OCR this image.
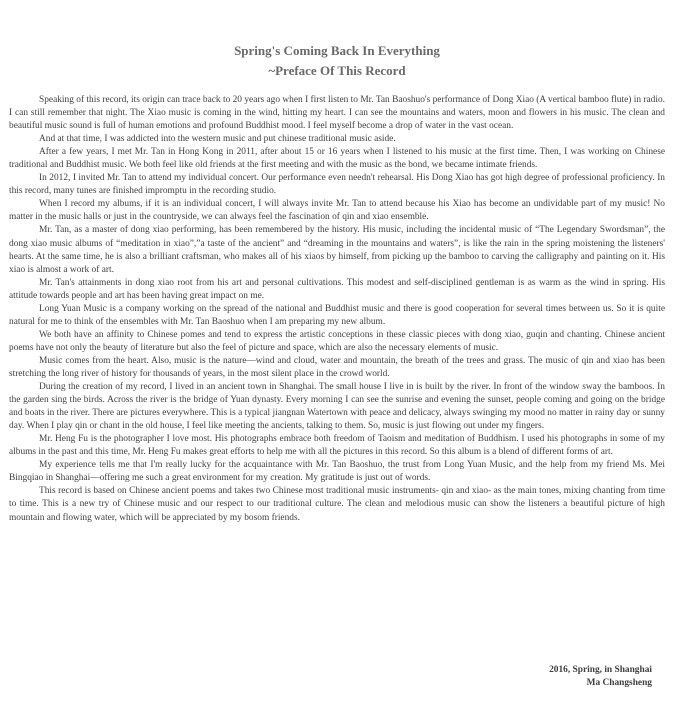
Spring's Coming Back In Everything
~Preface Of This Record

Speaking of this record, its origin can trace back to 20 years ago when I first listen to Mr. Tan Baoshuo's performance of Dong Xiao (A vertical bamboo flute) in radio. I can still remember that night. The Xiao music is coming in the wind, hitting my heart. I can see the mountains and waters, moon and flowers in his music. The clean and beautiful music sound is full of human emotions and profound Buddhist mood. I feel myself become a drop of water in the vast ocean.

And at that time, I was addicted into the western music and put chinese traditional music aside.

After a few years, I met Mr. Tan in Hong Kong in 2011, after about 15 or 16 years when I listened to his music at the first time. Then, I was working on Chinese traditional and Buddhist music. We both feel like old friends at the first meeting and with the music as the bond, we became intimate friends.

In 2012, I invited Mr. Tan to attend my individual concert. Our performance even needn't rehearsal. His Dong Xiao has got high degree of professional proficiency. In this record, many tunes are finished impromptu in the recording studio.

When I record my albums, if it is an individual concert, I will always invite Mr. Tan to attend because his Xiao has become an undividable part of my music! No matter in the music halls or just in the countryside, we can always feel the fascination of qin and xiao ensemble.

Mr. Tan, as a master of dong xiao performing, has been remembered by the history. His music, including the incidental music of “The Legendary Swordsman”, the dong xiao music albums of “meditation in xiao”,”a taste of the ancient” and “dreaming in the mountains and waters”, is like the rain in the spring moistening the listeners' hearts. At the same time, he is also a brilliant craftsman, who makes all of his xiaos by himself, from picking up the bamboo to carving the calligraphy and painting on it. His xiao is almost a work of art.

Mr. Tan's attainments in dong xiao root from his art and personal cultivations. This modest and self-disciplined gentleman is as warm as the wind in spring. His attitude towards people and art has been having great impact on me.

Long Yuan Music is a company working on the spread of the national and Buddhist music and there is good cooperation for several times between us. So it is quite natural for me to think of the ensembles with Mr. Tan Baoshuo when I am preparing my new album.

We both have an affinity to Chinese pomes and tend to express the artistic conceptions in these classic pieces with dong xiao, guqin and chanting. Chinese ancient poems have not only the beauty of literature but also the feel of picture and space, which are also the necessary elements of music.

Music comes from the heart. Also, music is the nature—wind and cloud, water and mountain, the breath of the trees and grass. The music of qin and xiao has been stretching the long river of history for thousands of years, in the most silent place in the crowd world.

During the creation of my record, I lived in an ancient town in Shanghai. The small house I live in is built by the river. In front of the window sway the bamboos. In the garden sing the birds. Across the river is the bridge of Yuan dynasty. Every morning I can see the sunrise and evening the sunset, people coming and going on the bridge and boats in the river. There are pictures everywhere. This is a typical jiangnan Watertown with peace and delicacy, always swinging my mood no matter in rainy day or sunny day. When I play qin or chant in the old house, I feel like meeting the ancients, talking to them. So, music is just flowing out under my fingers.

Mr. Heng Fu is the photographer I love most. His photographs embrace both freedom of Taoism and meditation of Buddhism. I used his photographs in some of my albums in the past and this time, Mr. Heng Fu makes great efforts to help me with all the pictures in this record. So this album is a blend of different forms of art.

My experience tells me that I'm really lucky for the acquaintance with Mr. Tan Baoshuo, the trust from Long Yuan Music, and the help from my friend Ms. Mei Bingqiao in Shanghai—offering me such a great environment for my creation. My gratitude is just out of words.

This record is based on Chinese ancient poems and takes two Chinese most traditional music instruments- qin and xiao- as the main tones, mixing chanting from time to time. This is a new try of Chinese music and our respect to our traditional culture. The clean and melodious music can show the listeners a beautiful picture of high mountain and flowing water, which will be appreciated by my bosom friends.

2016, Spring, in Shanghai
Ma Changsheng
